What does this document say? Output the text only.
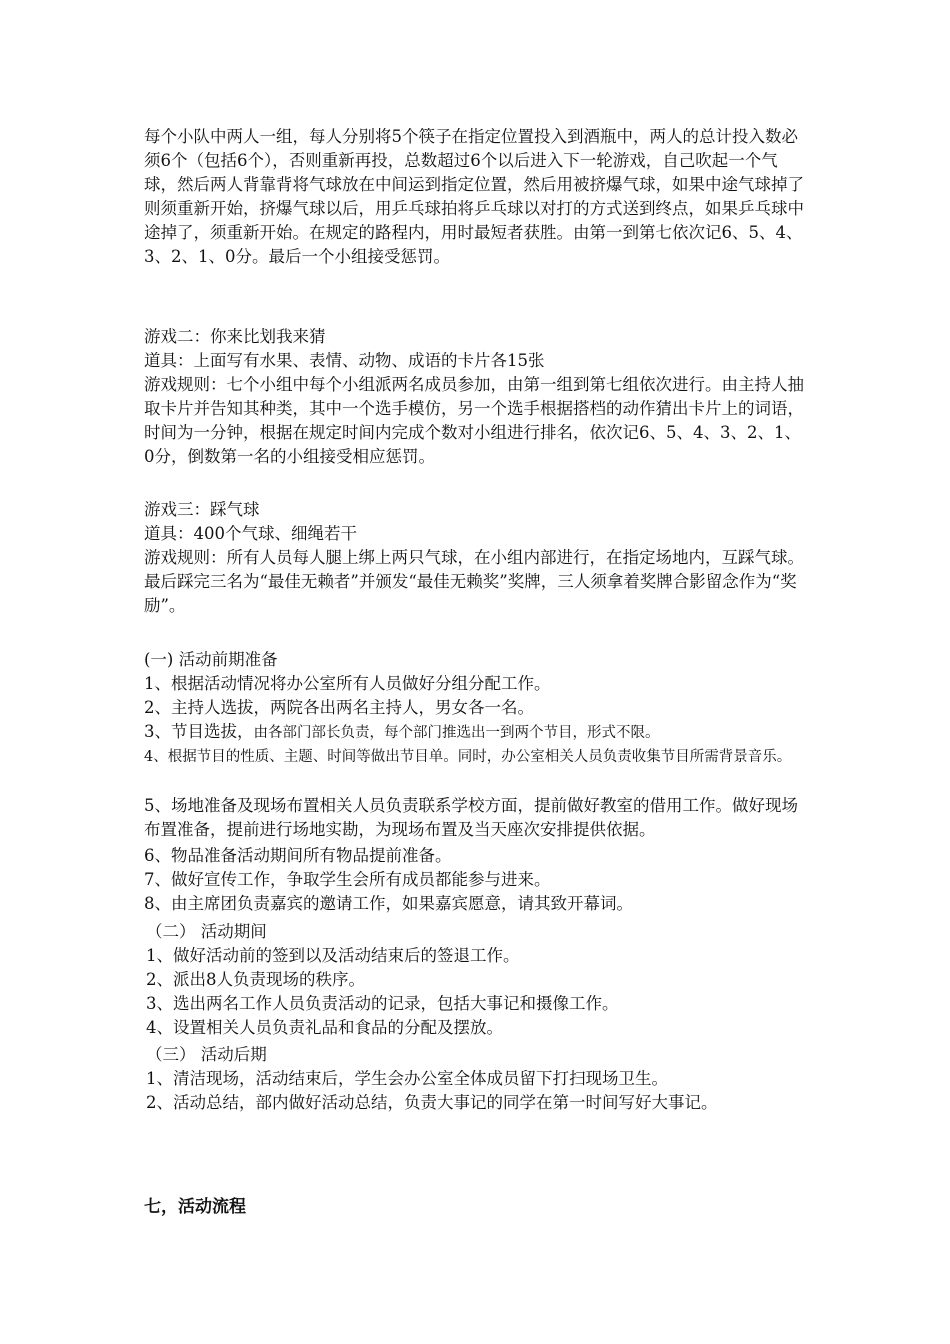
每个小队中两人一组，每人分别将5个筷子在指定位置投入到酒瓶中，两人的总计投入数必须6个（包括6个），否则重新再投，总数超过6个以后进入下一轮游戏，自己吹起一个气球，然后两人背靠背将气球放在中间运到指定位置，然后用被挤爆气球，如果中途气球掉了则须重新开始，挤爆气球以后，用乒乓球拍将乒乓球以对打的方式送到终点，如果乒乓球中途掉了，须重新开始。在规定的路程内，用时最短者获胜。由第一到第七依次记6、5、4、3、2、1、0分。最后一个小组接受惩罚。

游戏二：你来比划我来猜
道具：上面写有水果、表情、动物、成语的卡片各15张

游戏规则：七个小组中每个小组派两名成员参加，由第一组到第七组依次进行。由主持人抽取卡片并告知其种类，其中一个选手模仿，另一个选手根据搭档的动作猜出卡片上的词语，时间为一分钟，根据在规定时间内完成个数对小组进行排名，依次记6、5、4、3、2、1、0分，倒数第一名的小组接受相应惩罚。

游戏三：踩气球
道具：400个气球、细绳若干

游戏规则：所有人员每人腿上绑上两只气球，在小组内部进行，在指定场地内，互踩气球。最后踩完三名为“最佳无赖者”并颁发“最佳无赖奖”奖牌，三人须拿着奖牌合影留念作为“奖励”。

(一) 活动前期准备
1、根据活动情况将办公室所有人员做好分组分配工作。
2、主持人选拔，两院各出两名主持人，男女各一名。
3、节目选拔，由各部门部长负责，每个部门推选出一到两个节目，形式不限。

4、根据节目的性质、主题、时间等做出节目单。同时，办公室相关人员负责收集节目所需背景音乐。

5、场地准备及现场布置相关人员负责联系学校方面，提前做好教室的借用工作。做好现场布置准备，提前进行场地实勘，为现场布置及当天座次安排提供依据。

6、物品准备活动期间所有物品提前准备。
7、做好宣传工作，争取学生会所有成员都能参与进来。
8、由主席团负责嘉宾的邀请工作，如果嘉宾愿意，请其致开幕词。
（二） 活动期间
1、做好活动前的签到以及活动结束后的签退工作。
2、派出8人负责现场的秩序。
3、选出两名工作人员负责活动的记录，包括大事记和摄像工作。
4、设置相关人员负责礼品和食品的分配及摆放。
（三） 活动后期
1、清洁现场，活动结束后，学生会办公室全体成员留下打扫现场卫生。
2、活动总结，部内做好活动总结，负责大事记的同学在第一时间写好大事记。
七，活动流程
